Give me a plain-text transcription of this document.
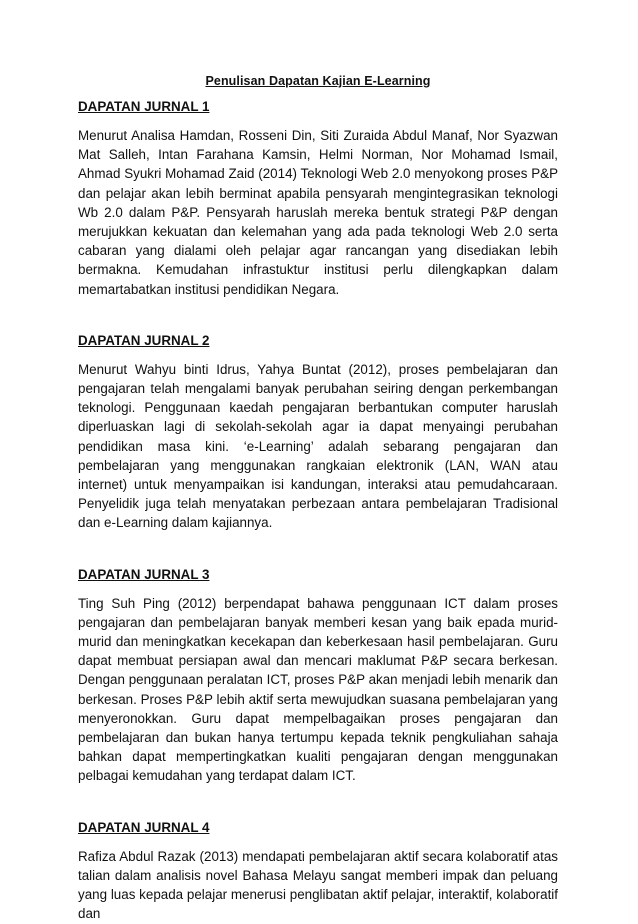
Penulisan Dapatan Kajian E-Learning
DAPATAN JURNAL 1

Menurut Analisa Hamdan, Rosseni Din, Siti Zuraida Abdul Manaf, Nor Syazwan Mat Salleh, Intan Farahana Kamsin, Helmi Norman, Nor Mohamad Ismail, Ahmad Syukri Mohamad Zaid (2014) Teknologi Web 2.0 menyokong proses P&P dan pelajar akan lebih berminat apabila pensyarah mengintegrasikan teknologi Wb 2.0 dalam P&P. Pensyarah haruslah mereka bentuk strategi P&P dengan merujukkan kekuatan dan kelemahan yang ada pada teknologi Web 2.0 serta cabaran yang dialami oleh pelajar agar rancangan yang disediakan lebih bermakna. Kemudahan infrastuktur institusi perlu dilengkapkan dalam memartabatkan institusi pendidikan Negara.

DAPATAN JURNAL 2

Menurut Wahyu binti Idrus, Yahya Buntat (2012), proses pembelajaran dan pengajaran telah mengalami banyak perubahan seiring dengan perkembangan teknologi. Penggunaan kaedah pengajaran berbantukan computer haruslah diperluaskan lagi di sekolah-sekolah agar ia dapat menyaingi perubahan pendidikan masa kini. ‘e-Learning’ adalah sebarang pengajaran dan pembelajaran yang menggunakan rangkaian elektronik (LAN, WAN atau internet) untuk menyampaikan isi kandungan, interaksi atau pemudahcaraan. Penyelidik juga telah menyatakan perbezaan antara pembelajaran Tradisional dan e-Learning dalam kajiannya.

DAPATAN JURNAL 3

Ting Suh Ping (2012) berpendapat bahawa penggunaan ICT dalam proses pengajaran dan pembelajaran banyak memberi kesan yang baik epada murid-murid dan meningkatkan kecekapan dan keberkesaan hasil pembelajaran. Guru dapat membuat persiapan awal dan mencari maklumat P&P secara berkesan. Dengan penggunaan peralatan ICT, proses P&P akan menjadi lebih menarik dan berkesan. Proses P&P lebih aktif serta mewujudkan suasana pembelajaran yang menyeronokkan. Guru dapat mempelbagaikan proses pengajaran dan pembelajaran dan bukan hanya tertumpu kepada teknik pengkuliahan sahaja bahkan dapat mempertingkatkan kualiti pengajaran dengan menggunakan pelbagai kemudahan yang terdapat dalam ICT.

DAPATAN JURNAL 4

Rafiza Abdul Razak (2013) mendapati pembelajaran aktif secara kolaboratif atas talian dalam analisis novel Bahasa Melayu sangat memberi impak dan peluang yang luas kepada pelajar menerusi penglibatan aktif pelajar, interaktif, kolaboratif dan
